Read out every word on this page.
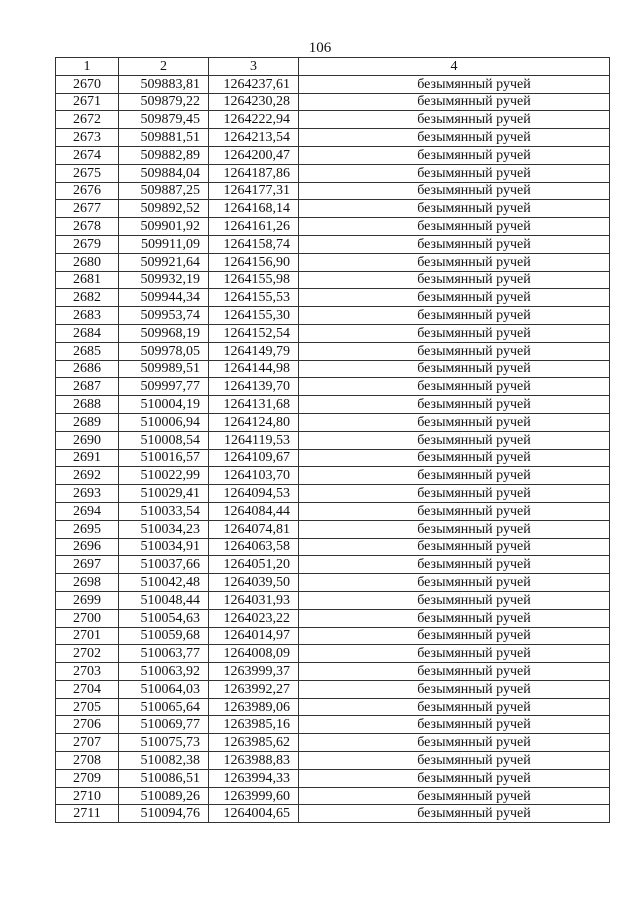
106
1	2	3	4
2670	509883,81	1264237,61	безымянный ручей
2671	509879,22	1264230,28	безымянный ручей
2672	509879,45	1264222,94	безымянный ручей
2673	509881,51	1264213,54	безымянный ручей
2674	509882,89	1264200,47	безымянный ручей
2675	509884,04	1264187,86	безымянный ручей
2676	509887,25	1264177,31	безымянный ручей
2677	509892,52	1264168,14	безымянный ручей
2678	509901,92	1264161,26	безымянный ручей
2679	509911,09	1264158,74	безымянный ручей
2680	509921,64	1264156,90	безымянный ручей
2681	509932,19	1264155,98	безымянный ручей
2682	509944,34	1264155,53	безымянный ручей
2683	509953,74	1264155,30	безымянный ручей
2684	509968,19	1264152,54	безымянный ручей
2685	509978,05	1264149,79	безымянный ручей
2686	509989,51	1264144,98	безымянный ручей
2687	509997,77	1264139,70	безымянный ручей
2688	510004,19	1264131,68	безымянный ручей
2689	510006,94	1264124,80	безымянный ручей
2690	510008,54	1264119,53	безымянный ручей
2691	510016,57	1264109,67	безымянный ручей
2692	510022,99	1264103,70	безымянный ручей
2693	510029,41	1264094,53	безымянный ручей
2694	510033,54	1264084,44	безымянный ручей
2695	510034,23	1264074,81	безымянный ручей
2696	510034,91	1264063,58	безымянный ручей
2697	510037,66	1264051,20	безымянный ручей
2698	510042,48	1264039,50	безымянный ручей
2699	510048,44	1264031,93	безымянный ручей
2700	510054,63	1264023,22	безымянный ручей
2701	510059,68	1264014,97	безымянный ручей
2702	510063,77	1264008,09	безымянный ручей
2703	510063,92	1263999,37	безымянный ручей
2704	510064,03	1263992,27	безымянный ручей
2705	510065,64	1263989,06	безымянный ручей
2706	510069,77	1263985,16	безымянный ручей
2707	510075,73	1263985,62	безымянный ручей
2708	510082,38	1263988,83	безымянный ручей
2709	510086,51	1263994,33	безымянный ручей
2710	510089,26	1263999,60	безымянный ручей
2711	510094,76	1264004,65	безымянный ручей
